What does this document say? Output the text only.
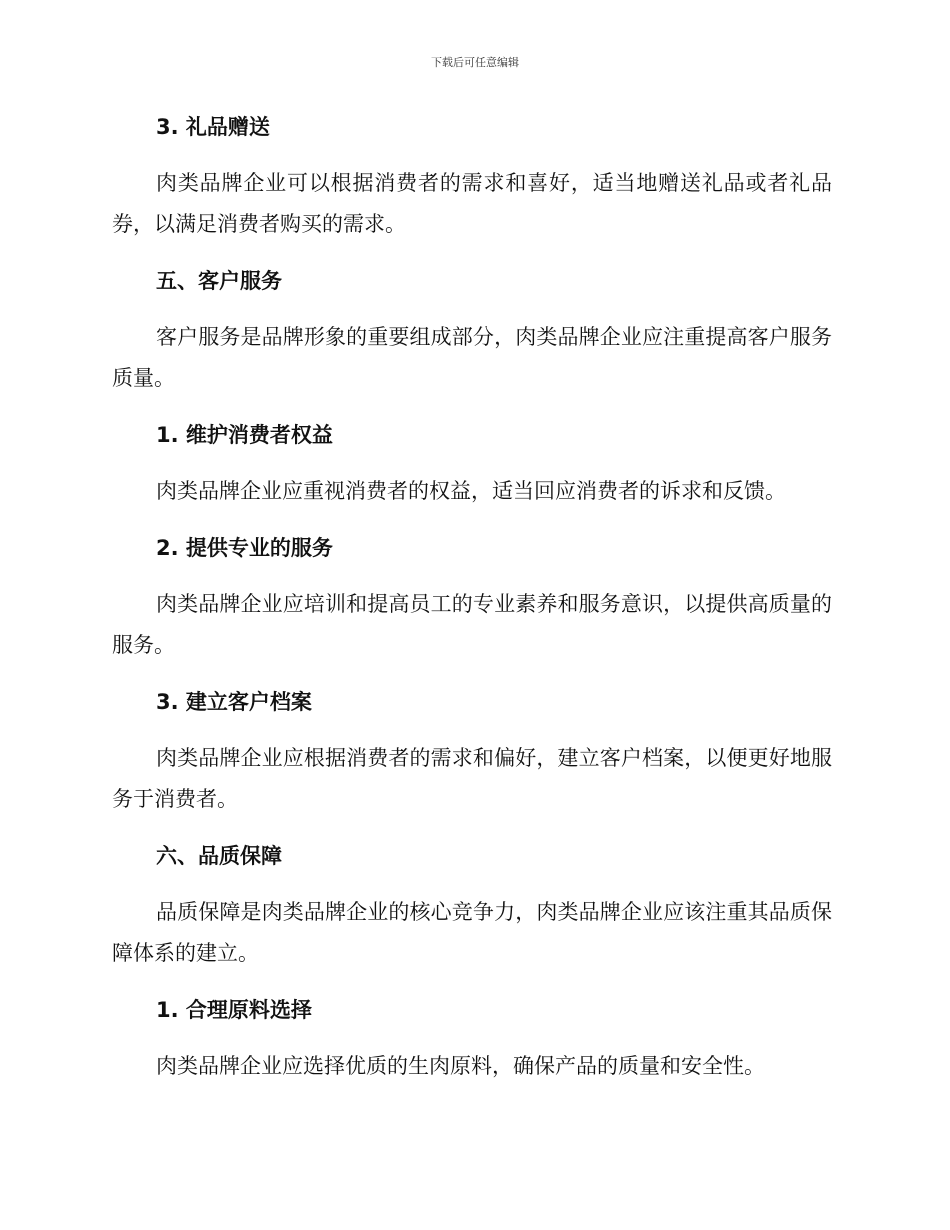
下载后可任意编辑
3. 礼品赠送

肉类品牌企业可以根据消费者的需求和喜好，适当地赠送礼品或者礼品券，以满足消费者购买的需求。

五、客户服务

客户服务是品牌形象的重要组成部分，肉类品牌企业应注重提高客户服务质量。

1. 维护消费者权益

肉类品牌企业应重视消费者的权益，适当回应消费者的诉求和反馈。

2. 提供专业的服务

肉类品牌企业应培训和提高员工的专业素养和服务意识，以提供高质量的服务。

3. 建立客户档案

肉类品牌企业应根据消费者的需求和偏好，建立客户档案，以便更好地服务于消费者。

六、品质保障

品质保障是肉类品牌企业的核心竞争力，肉类品牌企业应该注重其品质保障体系的建立。

1. 合理原料选择

肉类品牌企业应选择优质的生肉原料，确保产品的质量和安全性。
